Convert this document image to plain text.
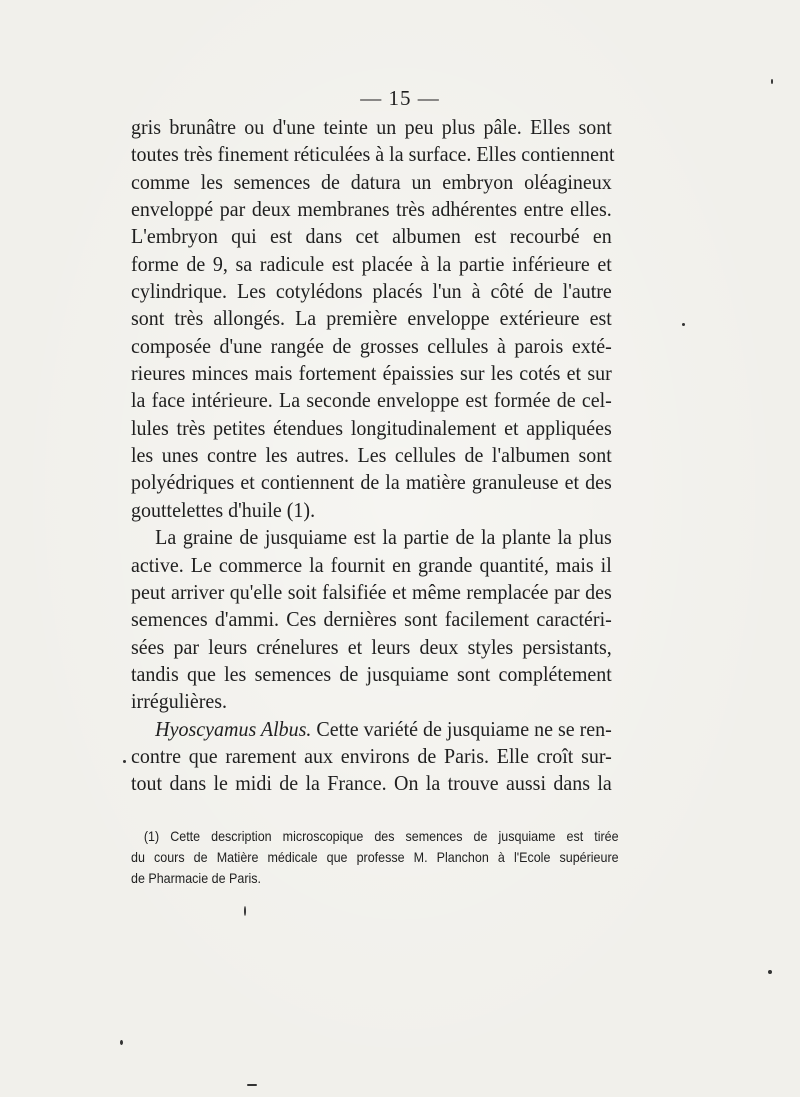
— 15 —
gris brunâtre ou d'une teinte un peu plus pâle. Elles sont
toutes très finement réticulées à la surface. Elles contiennent
comme les semences de datura un embryon oléagineux
enveloppé par deux membranes très adhérentes entre elles.
L'embryon qui est dans cet albumen est recourbé en
forme de 9, sa radicule est placée à la partie inférieure et
cylindrique. Les cotylédons placés l'un à côté de l'autre
sont très allongés. La première enveloppe extérieure est
composée d'une rangée de grosses cellules à parois exté-
rieures minces mais fortement épaissies sur les cotés et sur
la face intérieure. La seconde enveloppe est formée de cel-
lules très petites étendues longitudinalement et appliquées
les unes contre les autres. Les cellules de l'albumen sont
polyédriques et contiennent de la matière granuleuse et des
gouttelettes d'huile (1).
La graine de jusquiame est la partie de la plante la plus
active. Le commerce la fournit en grande quantité, mais il
peut arriver qu'elle soit falsifiée et même remplacée par des
semences d'ammi. Ces dernières sont facilement caractéri-
sées par leurs crénelures et leurs deux styles persistants,
tandis que les semences de jusquiame sont complétement
irrégulières.
Hyoscyamus Albus. Cette variété de jusquiame ne se ren-
contre que rarement aux environs de Paris. Elle croît sur-
tout dans le midi de la France. On la trouve aussi dans la
(1) Cette description microscopique des semences de jusquiame est tirée
du cours de Matière médicale que professe M. Planchon à l'Ecole supérieure
de Pharmacie de Paris.
